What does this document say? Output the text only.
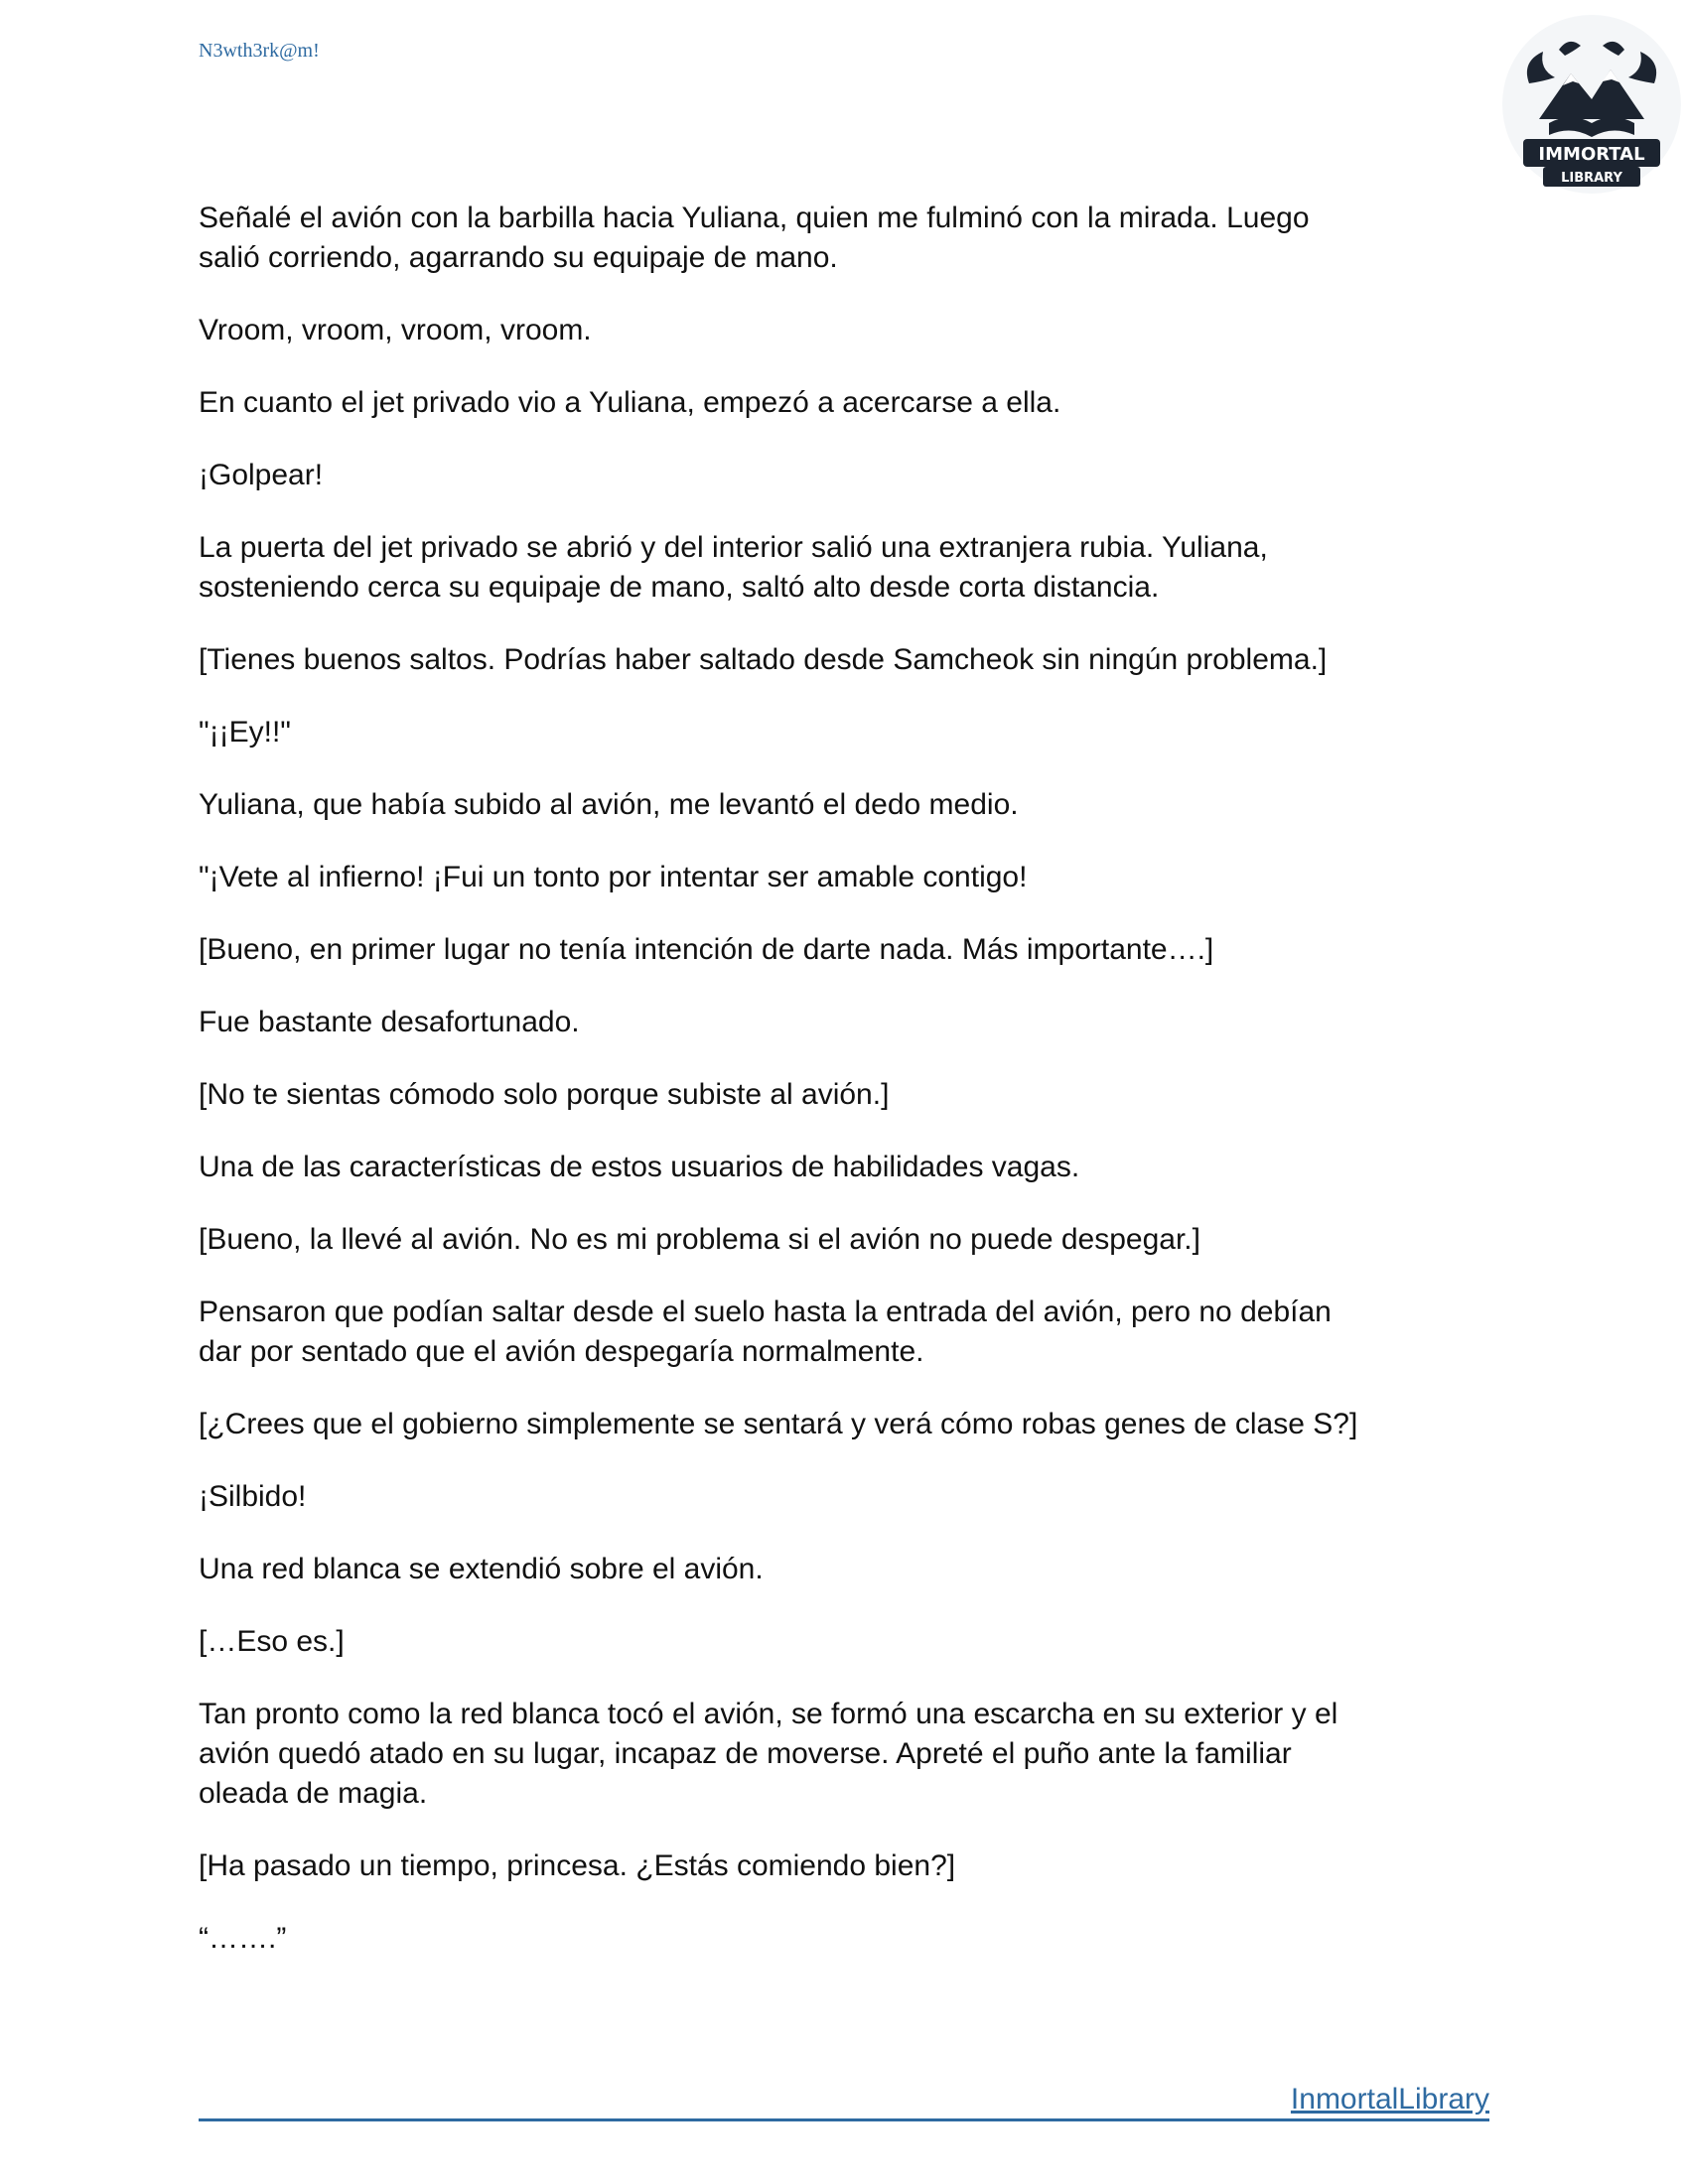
N3wth3rk@m!
IMMORTAL
LIBRARY

Señalé el avión con la barbilla hacia Yuliana, quien me fulminó con la mirada. Luego
salió corriendo, agarrando su equipaje de mano.

Vroom, vroom, vroom, vroom.

En cuanto el jet privado vio a Yuliana, empezó a acercarse a ella.

¡Golpear!

La puerta del jet privado se abrió y del interior salió una extranjera rubia. Yuliana,
sosteniendo cerca su equipaje de mano, saltó alto desde corta distancia.

[Tienes buenos saltos. Podrías haber saltado desde Samcheok sin ningún problema.]

"¡¡Ey!!"

Yuliana, que había subido al avión, me levantó el dedo medio.

"¡Vete al infierno! ¡Fui un tonto por intentar ser amable contigo!

[Bueno, en primer lugar no tenía intención de darte nada. Más importante….]

Fue bastante desafortunado.

[No te sientas cómodo solo porque subiste al avión.]

Una de las características de estos usuarios de habilidades vagas.

[Bueno, la llevé al avión. No es mi problema si el avión no puede despegar.]

Pensaron que podían saltar desde el suelo hasta la entrada del avión, pero no debían
dar por sentado que el avión despegaría normalmente.

[¿Crees que el gobierno simplemente se sentará y verá cómo robas genes de clase S?]

¡Silbido!

Una red blanca se extendió sobre el avión.

[…Eso es.]

Tan pronto como la red blanca tocó el avión, se formó una escarcha en su exterior y el
avión quedó atado en su lugar, incapaz de moverse. Apreté el puño ante la familiar
oleada de magia.

[Ha pasado un tiempo, princesa. ¿Estás comiendo bien?]

“…….”

InmortalLibrary
